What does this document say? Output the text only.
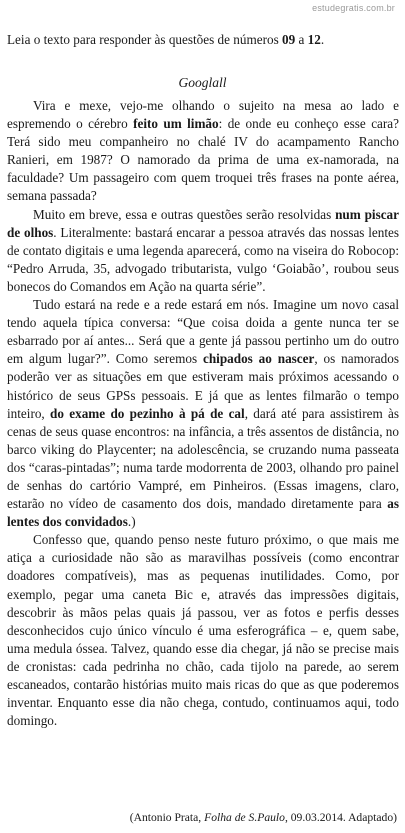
estudegratis.com.br
Leia o texto para responder às questões de números 09 a 12.
Googlall

Vira e mexe, vejo-me olhando o sujeito na mesa ao lado e espremendo o cérebro feito um limão: de onde eu conheço esse cara? Terá sido meu companheiro no chalé IV do acampamento Rancho Ranieri, em 1987? O namorado da prima de uma ex-namorada, na faculdade? Um passageiro com quem troquei três frases na ponte aérea, semana passada?

Muito em breve, essa e outras questões serão resolvidas num piscar de olhos. Literalmente: bastará encarar a pessoa através das nossas lentes de contato digitais e uma legenda aparecerá, como na viseira do Robocop: “Pedro Arruda, 35, advogado tributarista, vulgo ‘Goiabão’, roubou seus bonecos do Comandos em Ação na quarta série”.

Tudo estará na rede e a rede estará em nós. Imagine um novo casal tendo aquela típica conversa: “Que coisa doida a gente nunca ter se esbarrado por aí antes... Será que a gente já passou pertinho um do outro em algum lugar?”. Como seremos chipados ao nascer, os namorados poderão ver as situações em que estiveram mais próximos acessando o histórico de seus GPSs pessoais. E já que as lentes filmarão o tempo inteiro, do exame do pezinho à pá de cal, dará até para assistirem às cenas de seus quase encontros: na infância, a três assentos de distância, no barco viking do Playcenter; na adolescência, se cruzando numa passeata dos “caras-pintadas”; numa tarde modorrenta de 2003, olhando pro painel de senhas do cartório Vampré, em Pinheiros. (Essas imagens, claro, estarão no vídeo de casamento dos dois, mandado diretamente para as lentes dos convidados.)

Confesso que, quando penso neste futuro próximo, o que mais me atiça a curiosidade não são as maravilhas possíveis (como encontrar doadores compatíveis), mas as pequenas inutilidades. Como, por exemplo, pegar uma caneta Bic e, através das impressões digitais, descobrir às mãos pelas quais já passou, ver as fotos e perfis desses desconhecidos cujo único vínculo é uma esferográfica – e, quem sabe, uma medula óssea. Talvez, quando esse dia chegar, já não se precise mais de cronistas: cada pedrinha no chão, cada tijolo na parede, ao serem escaneados, contarão histórias muito mais ricas do que as que poderemos inventar. Enquanto esse dia não chega, contudo, continuamos aqui, todo domingo.

(Antonio Prata, Folha de S.Paulo, 09.03.2014. Adaptado)
